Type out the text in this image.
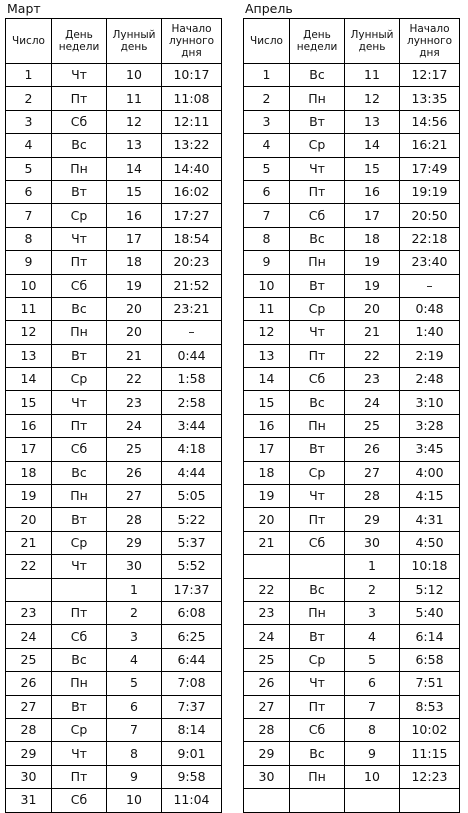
Март
Число	День недели	Лунный день	Начало лунного дня
1	Чт	10	10:17
2	Пт	11	11:08
3	Сб	12	12:11
4	Вс	13	13:22
5	Пн	14	14:40
6	Вт	15	16:02
7	Ср	16	17:27
8	Чт	17	18:54
9	Пт	18	20:23
10	Сб	19	21:52
11	Вс	20	23:21
12	Пн	20	–
13	Вт	21	0:44
14	Ср	22	1:58
15	Чт	23	2:58
16	Пт	24	3:44
17	Сб	25	4:18
18	Вс	26	4:44
19	Пн	27	5:05
20	Вт	28	5:22
21	Ср	29	5:37
22	Чт	30	5:52
		1	17:37
23	Пт	2	6:08
24	Сб	3	6:25
25	Вс	4	6:44
26	Пн	5	7:08
27	Вт	6	7:37
28	Ср	7	8:14
29	Чт	8	9:01
30	Пт	9	9:58
31	Сб	10	11:04
Апрель
Число	День недели	Лунный день	Начало лунного дня
1	Вс	11	12:17
2	Пн	12	13:35
3	Вт	13	14:56
4	Ср	14	16:21
5	Чт	15	17:49
6	Пт	16	19:19
7	Сб	17	20:50
8	Вс	18	22:18
9	Пн	19	23:40
10	Вт	19	–
11	Ср	20	0:48
12	Чт	21	1:40
13	Пт	22	2:19
14	Сб	23	2:48
15	Вс	24	3:10
16	Пн	25	3:28
17	Вт	26	3:45
18	Ср	27	4:00
19	Чт	28	4:15
20	Пт	29	4:31
21	Сб	30	4:50
		1	10:18
22	Вс	2	5:12
23	Пн	3	5:40
24	Вт	4	6:14
25	Ср	5	6:58
26	Чт	6	7:51
27	Пт	7	8:53
28	Сб	8	10:02
29	Вс	9	11:15
30	Пн	10	12:23
